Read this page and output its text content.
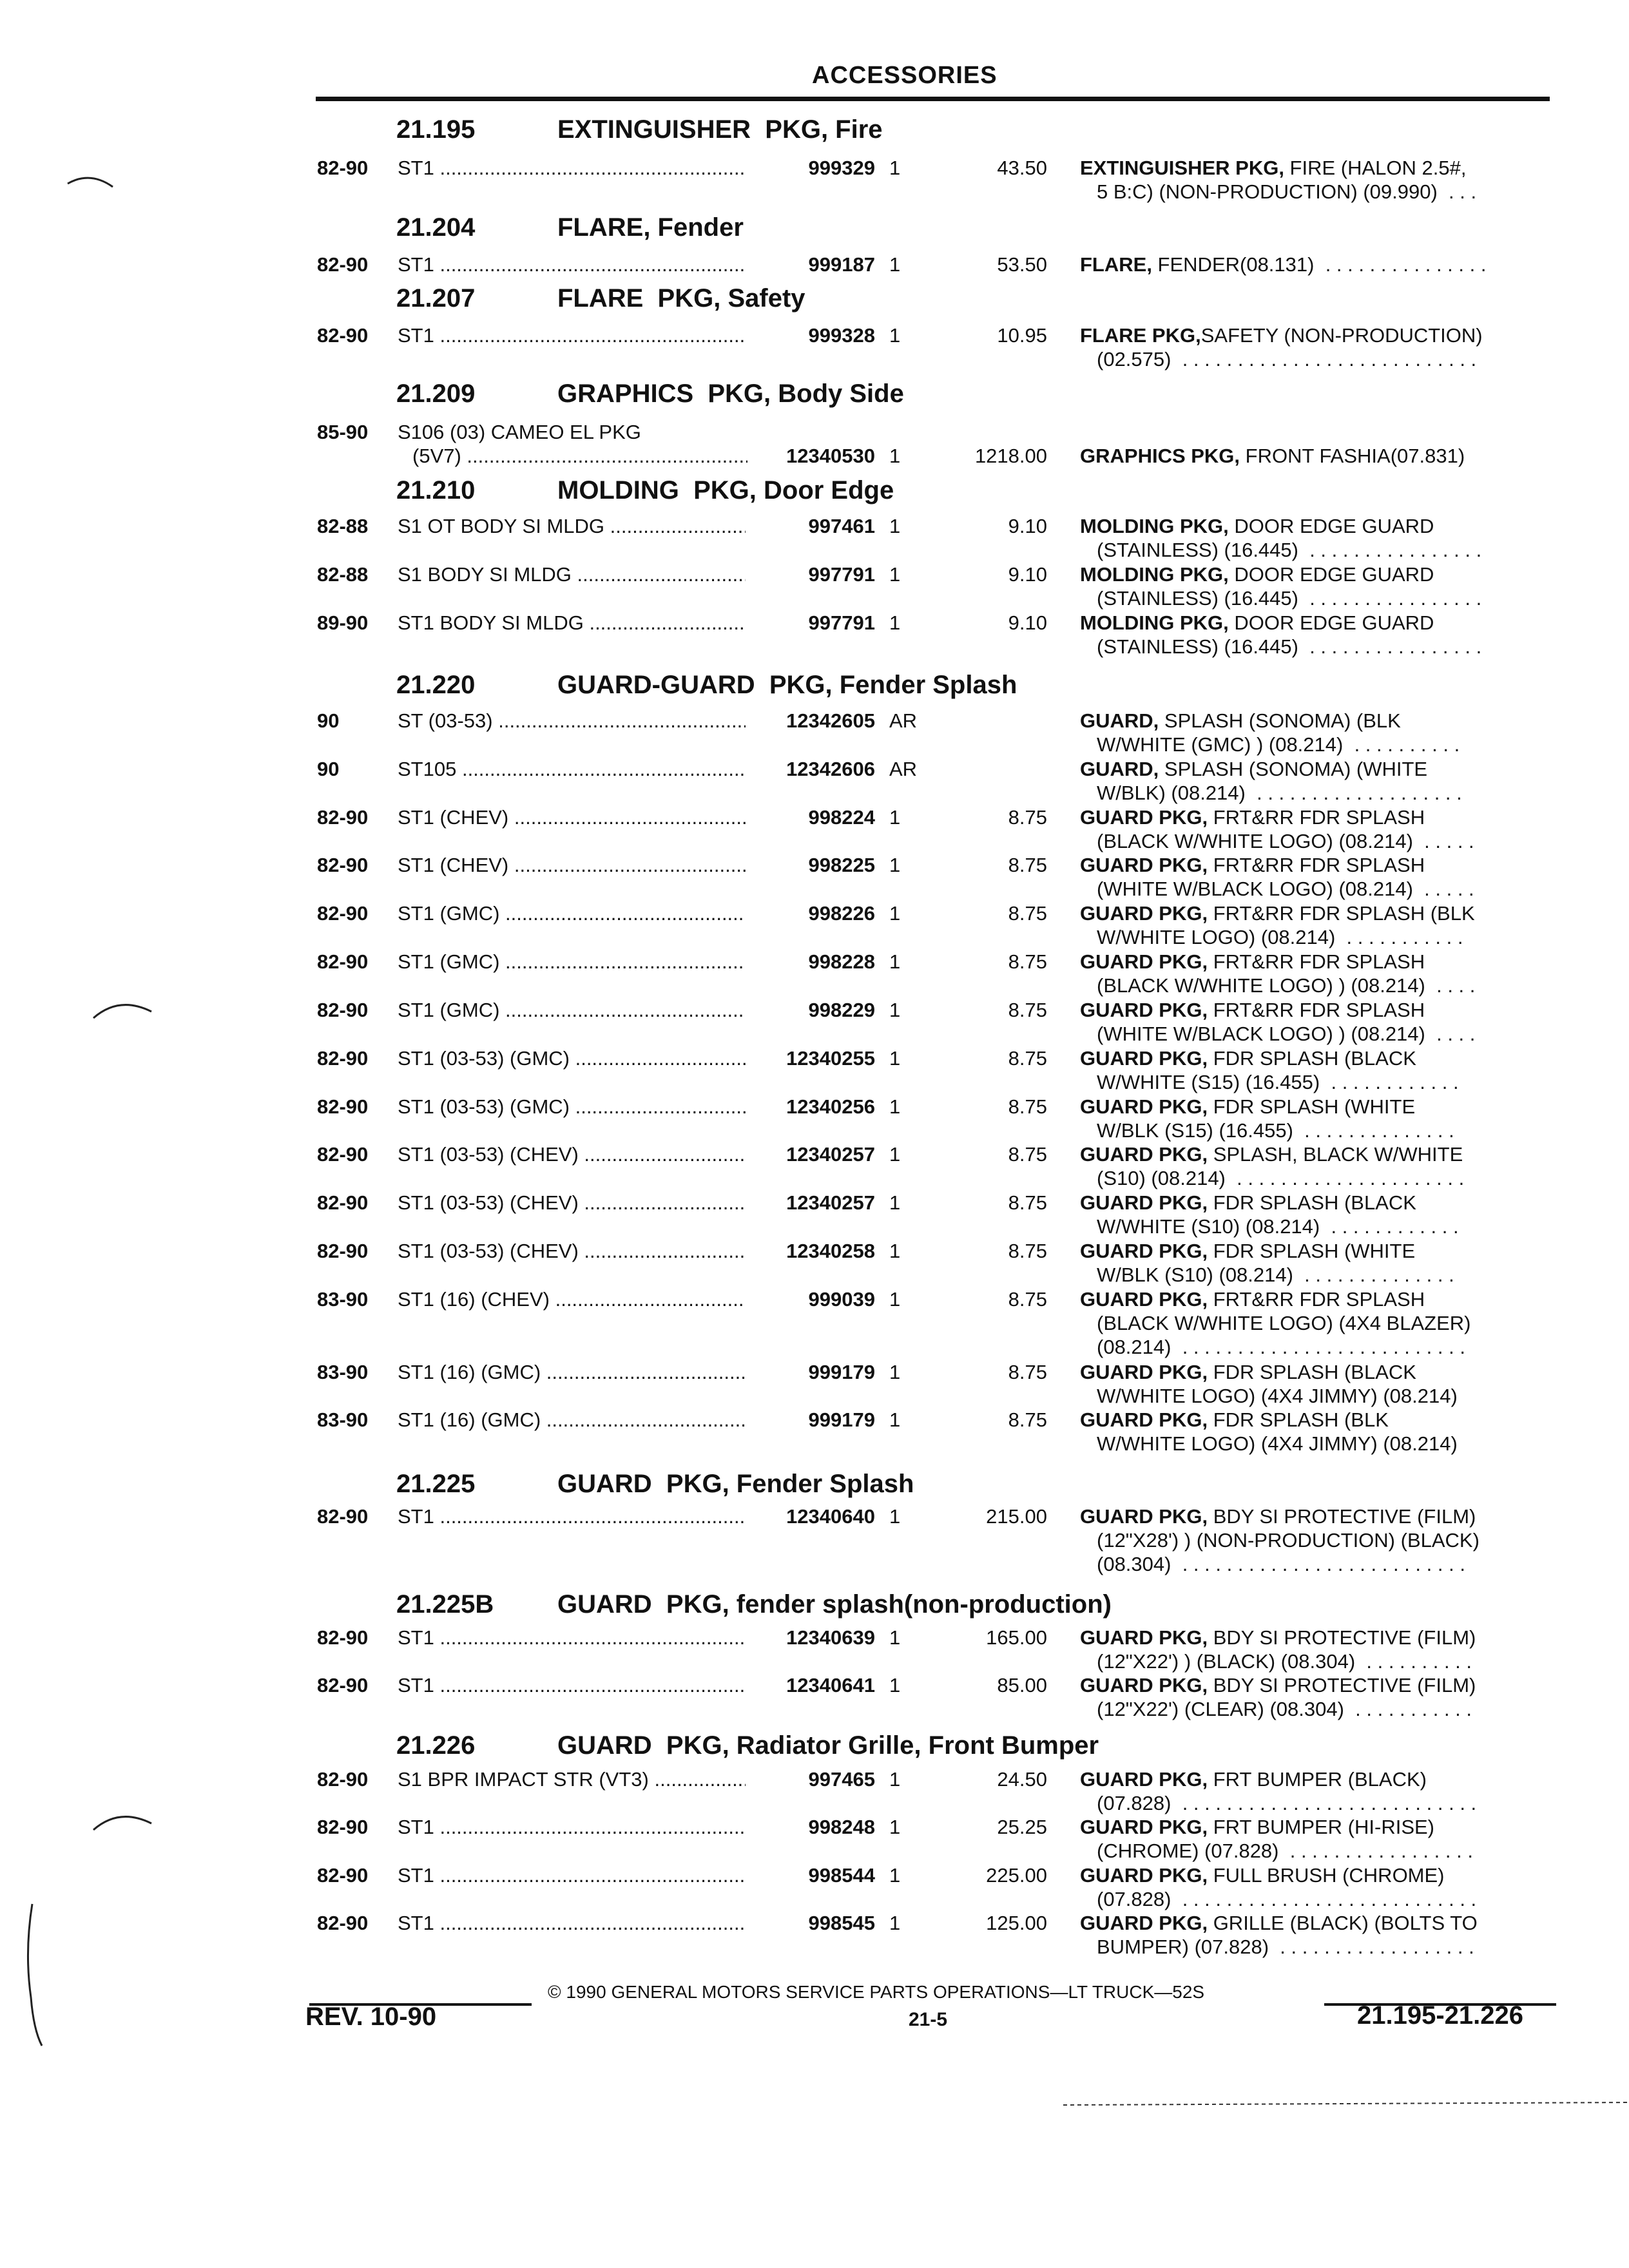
ACCESSORIES
21.195	EXTINGUISHER  PKG, Fire
21.204	FLARE, Fender
21.207	FLARE  PKG, Safety
21.209	GRAPHICS  PKG, Body Side
21.210	MOLDING  PKG, Door Edge
21.220	GUARD-GUARD  PKG, Fender Splash
21.225	GUARD  PKG, Fender Splash
21.225B GUARD  PKG, fender splash(non-production)
21.226	GUARD  PKG, Radiator Grille, Front Bumper
82-90 ST1 .....	999329 1	43.50 EXTINGUISHER PKG, FIRE (HALON 2.5#,
5 B:C) (NON-PRODUCTION) (09.990)  . . .
82-90 ST1 .....	999187 1	53.50 FLARE, FENDER(08.131)  . . . . . . . . . . . . . . .
82-90 ST1 .....	999328 1	10.95 FLARE PKG,SAFETY (NON-PRODUCTION)
(02.575)  . . . . . . . . . . . . . . . . . . . . . . . . . . .
85-90 S106 (03) CAMEO EL PKG
(5V7) .....	12340530 1	1218.00 GRAPHICS PKG, FRONT FASHIA(07.831)
82-88 S1 OT BODY SI MLDG .....	997461 1	9.10 MOLDING PKG, DOOR EDGE GUARD
(STAINLESS) (16.445)  . . . . . . . . . . . . . . . .
82-88 S1 BODY SI MLDG .....	997791 1	9.10 MOLDING PKG, DOOR EDGE GUARD
(STAINLESS) (16.445)  . . . . . . . . . . . . . . . .
89-90 ST1 BODY SI MLDG .....	997791 1	9.10 MOLDING PKG, DOOR EDGE GUARD
(STAINLESS) (16.445)  . . . . . . . . . . . . . . . .
90	ST (03-53) .....	12342605 AR	GUARD, SPLASH (SONOMA) (BLK
W/WHITE (GMC) ) (08.214)  . . . . . . . . . .
90	ST105 .....	12342606 AR	GUARD, SPLASH (SONOMA) (WHITE
W/BLK) (08.214)  . . . . . . . . . . . . . . . . . . .
82-90 ST1 (CHEV) .....	998224 1	8.75 GUARD PKG, FRT&RR FDR SPLASH
(BLACK W/WHITE LOGO) (08.214)  . . . . .
82-90 ST1 (CHEV) .....	998225 1	8.75 GUARD PKG, FRT&RR FDR SPLASH
(WHITE W/BLACK LOGO) (08.214)  . . . . .
82-90 ST1 (GMC) .....	998226 1	8.75 GUARD PKG, FRT&RR FDR SPLASH (BLK
W/WHITE LOGO) (08.214)  . . . . . . . . . . .
82-90 ST1 (GMC) .....	998228 1	8.75 GUARD PKG, FRT&RR FDR SPLASH
(BLACK W/WHITE LOGO) ) (08.214)  . . . .
82-90 ST1 (GMC) .....	998229 1	8.75 GUARD PKG, FRT&RR FDR SPLASH
(WHITE W/BLACK LOGO) ) (08.214)  . . . .
82-90 ST1 (03-53) (GMC) .....	12340255 1	8.75 GUARD PKG, FDR SPLASH (BLACK
W/WHITE (S15) (16.455)  . . . . . . . . . . . .
82-90 ST1 (03-53) (GMC) .....	12340256 1	8.75 GUARD PKG, FDR SPLASH (WHITE
W/BLK (S15) (16.455)  . . . . . . . . . . . . . .
82-90 ST1 (03-53) (CHEV) .....	12340257 1	8.75 GUARD PKG, SPLASH, BLACK W/WHITE
(S10) (08.214)  . . . . . . . . . . . . . . . . . . . . .
82-90 ST1 (03-53) (CHEV) .....	12340257 1	8.75 GUARD PKG, FDR SPLASH (BLACK
W/WHITE (S10) (08.214)  . . . . . . . . . . . .
82-90 ST1 (03-53) (CHEV) .....	12340258 1	8.75 GUARD PKG, FDR SPLASH (WHITE
W/BLK (S10) (08.214)  . . . . . . . . . . . . . .
83-90 ST1 (16) (CHEV) .....	999039 1	8.75 GUARD PKG, FRT&RR FDR SPLASH
(BLACK W/WHITE LOGO) (4X4 BLAZER)
(08.214)  . . . . . . . . . . . . . . . . . . . . . . . . . .
83-90 ST1 (16) (GMC) .....	999179 1	8.75 GUARD PKG, FDR SPLASH (BLACK
W/WHITE LOGO) (4X4 JIMMY) (08.214)
83-90 ST1 (16) (GMC) .....	999179 1	8.75 GUARD PKG, FDR SPLASH (BLK
W/WHITE LOGO) (4X4 JIMMY) (08.214)
82-90 ST1 .....	12340640 1	215.00 GUARD PKG, BDY SI PROTECTIVE (FILM)
(12"X28') ) (NON-PRODUCTION) (BLACK)
(08.304)  . . . . . . . . . . . . . . . . . . . . . . . . . .
82-90 ST1 .....	12340639 1	165.00 GUARD PKG, BDY SI PROTECTIVE (FILM)
(12"X22') ) (BLACK) (08.304)  . . . . . . . . . .
82-90 ST1 .....	12340641 1	85.00 GUARD PKG, BDY SI PROTECTIVE (FILM)
(12"X22') (CLEAR) (08.304)  . . . . . . . . . . .
82-90 S1 BPR IMPACT STR (VT3) .....	997465 1	24.50 GUARD PKG, FRT BUMPER (BLACK)
(07.828)  . . . . . . . . . . . . . . . . . . . . . . . . . . .
82-90 ST1 .....	998248 1	25.25 GUARD PKG, FRT BUMPER (HI-RISE)
(CHROME) (07.828)  . . . . . . . . . . . . . . . . .
82-90 ST1 .....	998544 1	225.00 GUARD PKG, FULL BRUSH (CHROME)
(07.828)  . . . . . . . . . . . . . . . . . . . . . . . . . . .
82-90 ST1 .....	998545 1	125.00 GUARD PKG, GRILLE (BLACK) (BOLTS TO
BUMPER) (07.828)  . . . . . . . . . . . . . . . . . .
© 1990 GENERAL MOTORS SERVICE PARTS OPERATIONS—LT TRUCK—52S
REV. 10-90	21-5	21.195-21.226
